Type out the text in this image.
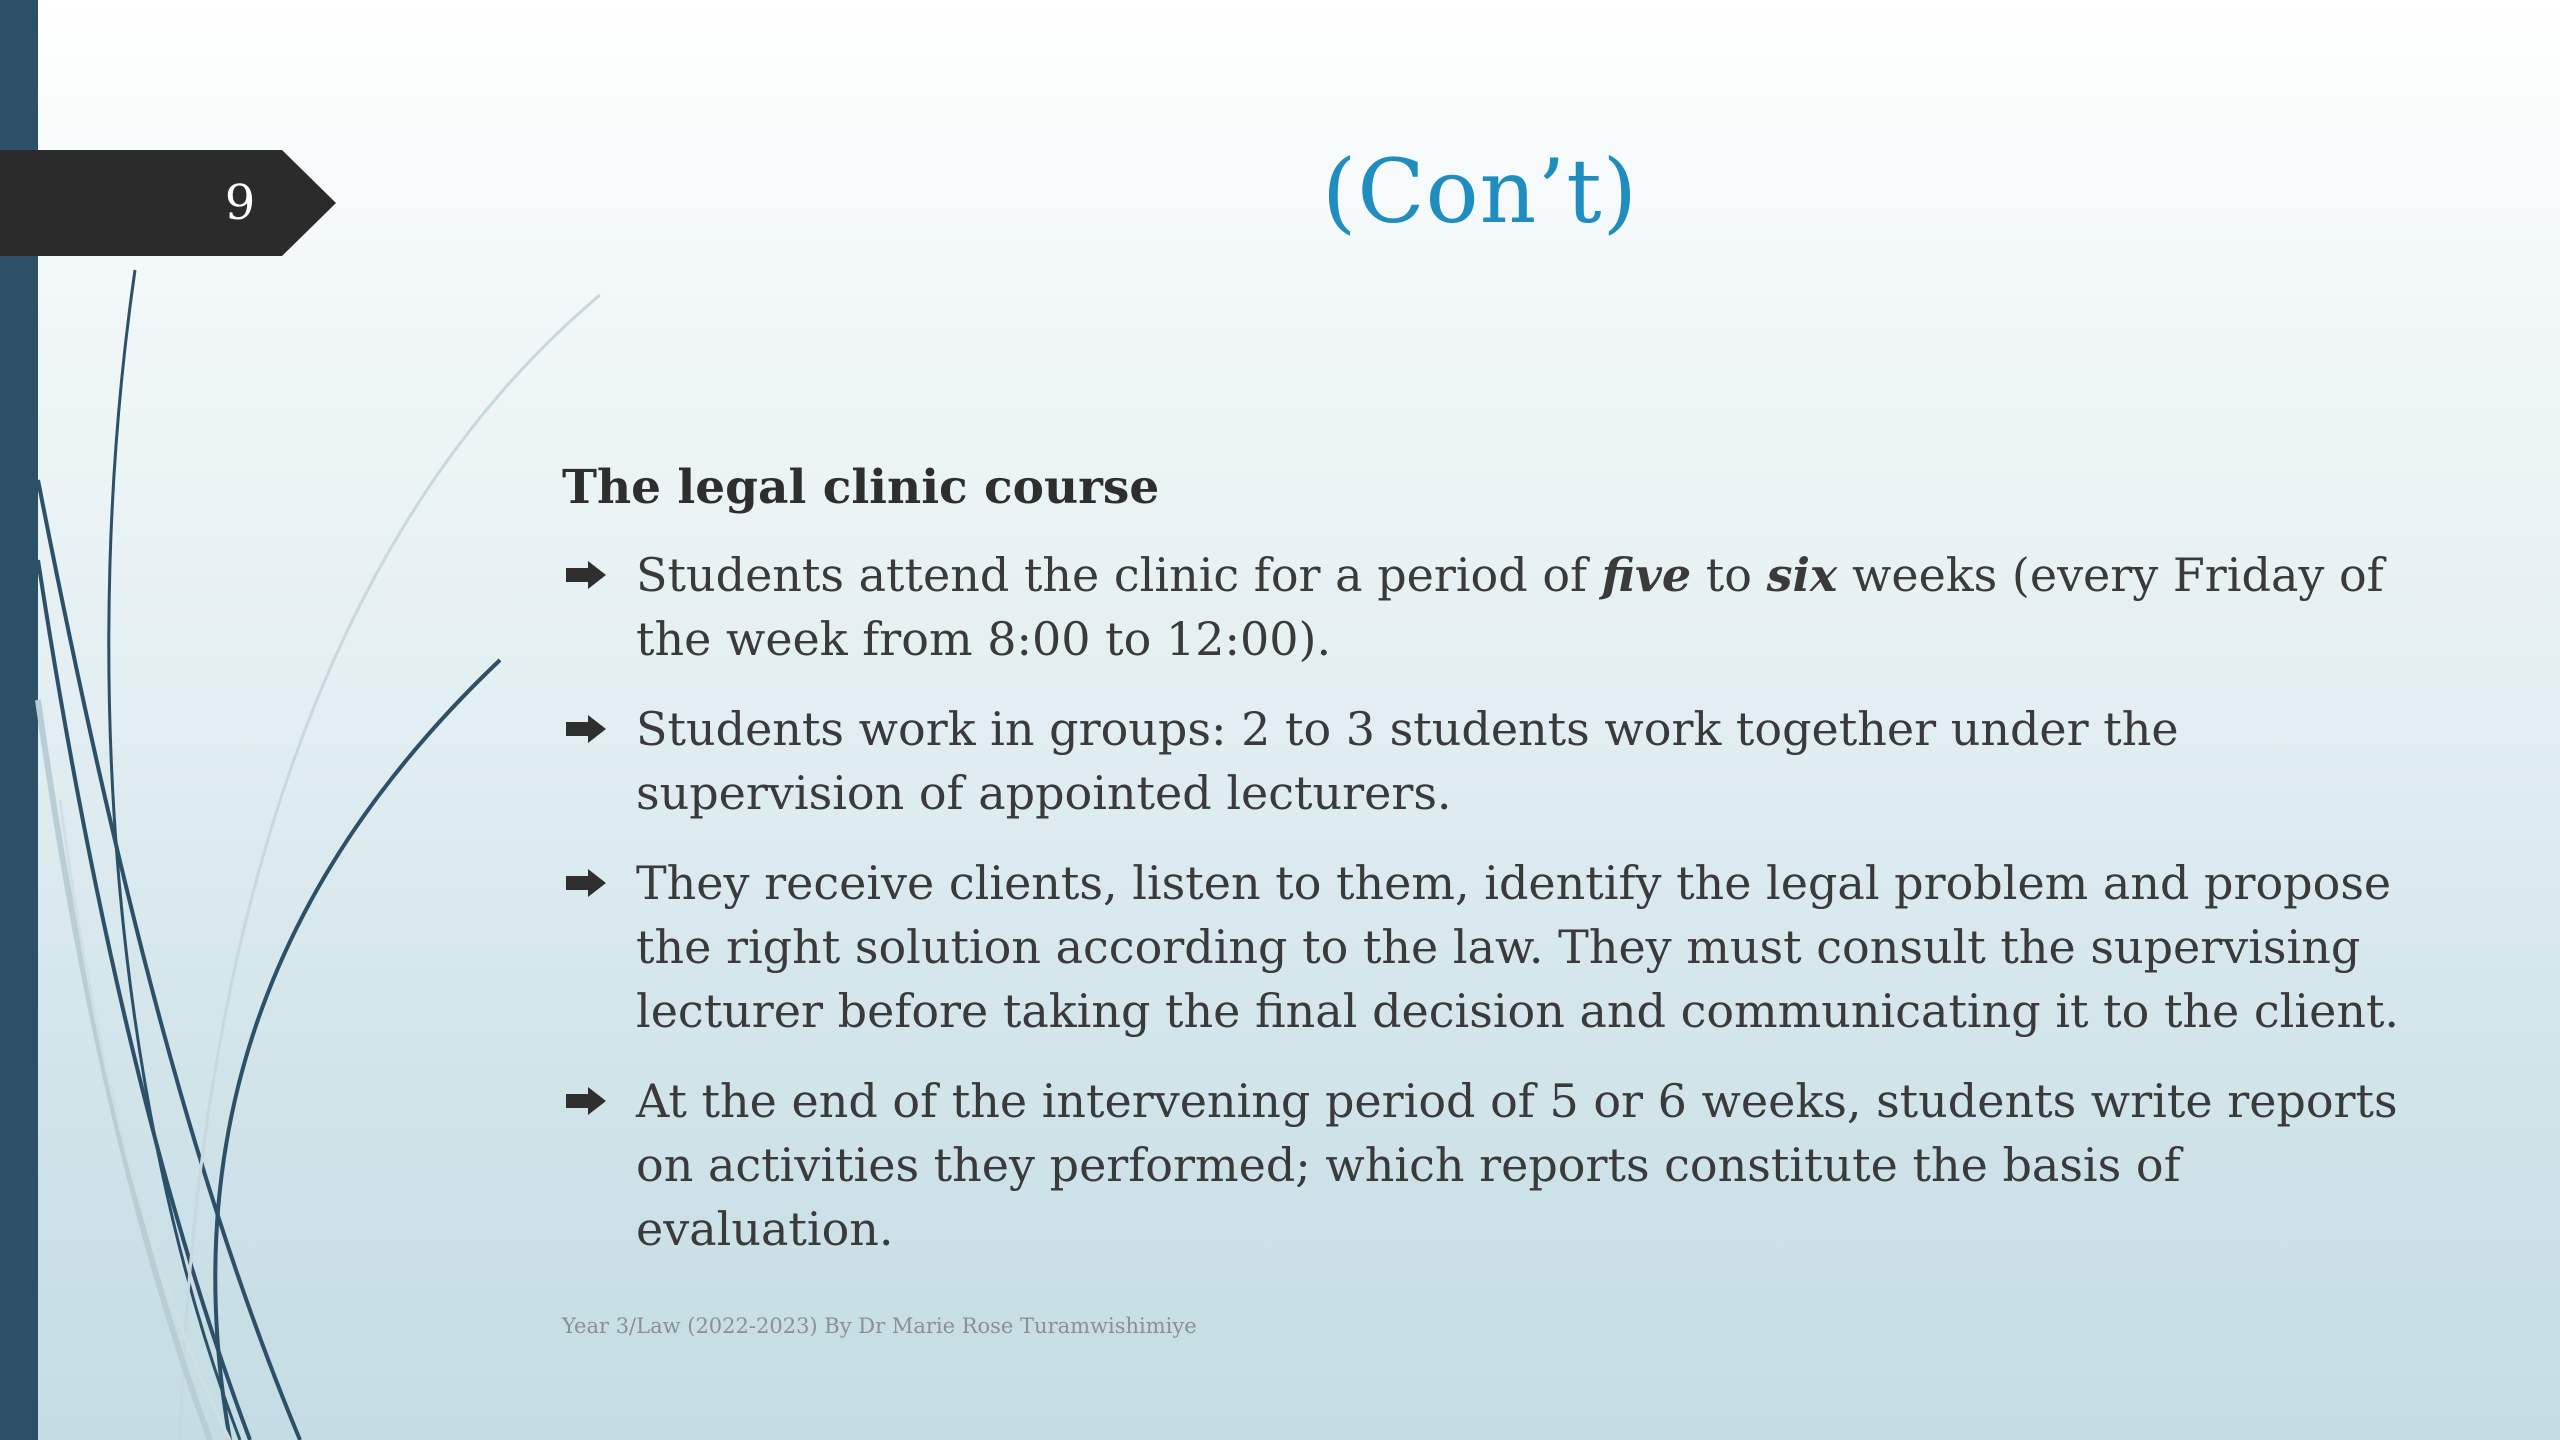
9	(Con’t)
The legal clinic course
Students attend the clinic for a period of five to six weeks (every Friday of the week from 8:00 to 12:00).
Students work in groups: 2 to 3 students work together under the supervision of appointed lecturers.
They receive clients, listen to them, identify the legal problem and propose the right solution according to the law. They must consult the supervising lecturer before taking the final decision and communicating it to the client.
At the end of the intervening period of 5 or 6 weeks, students write reports on activities they performed; which reports constitute the basis of evaluation.
Year 3/Law (2022-2023) By Dr Marie Rose Turamwishimiye
